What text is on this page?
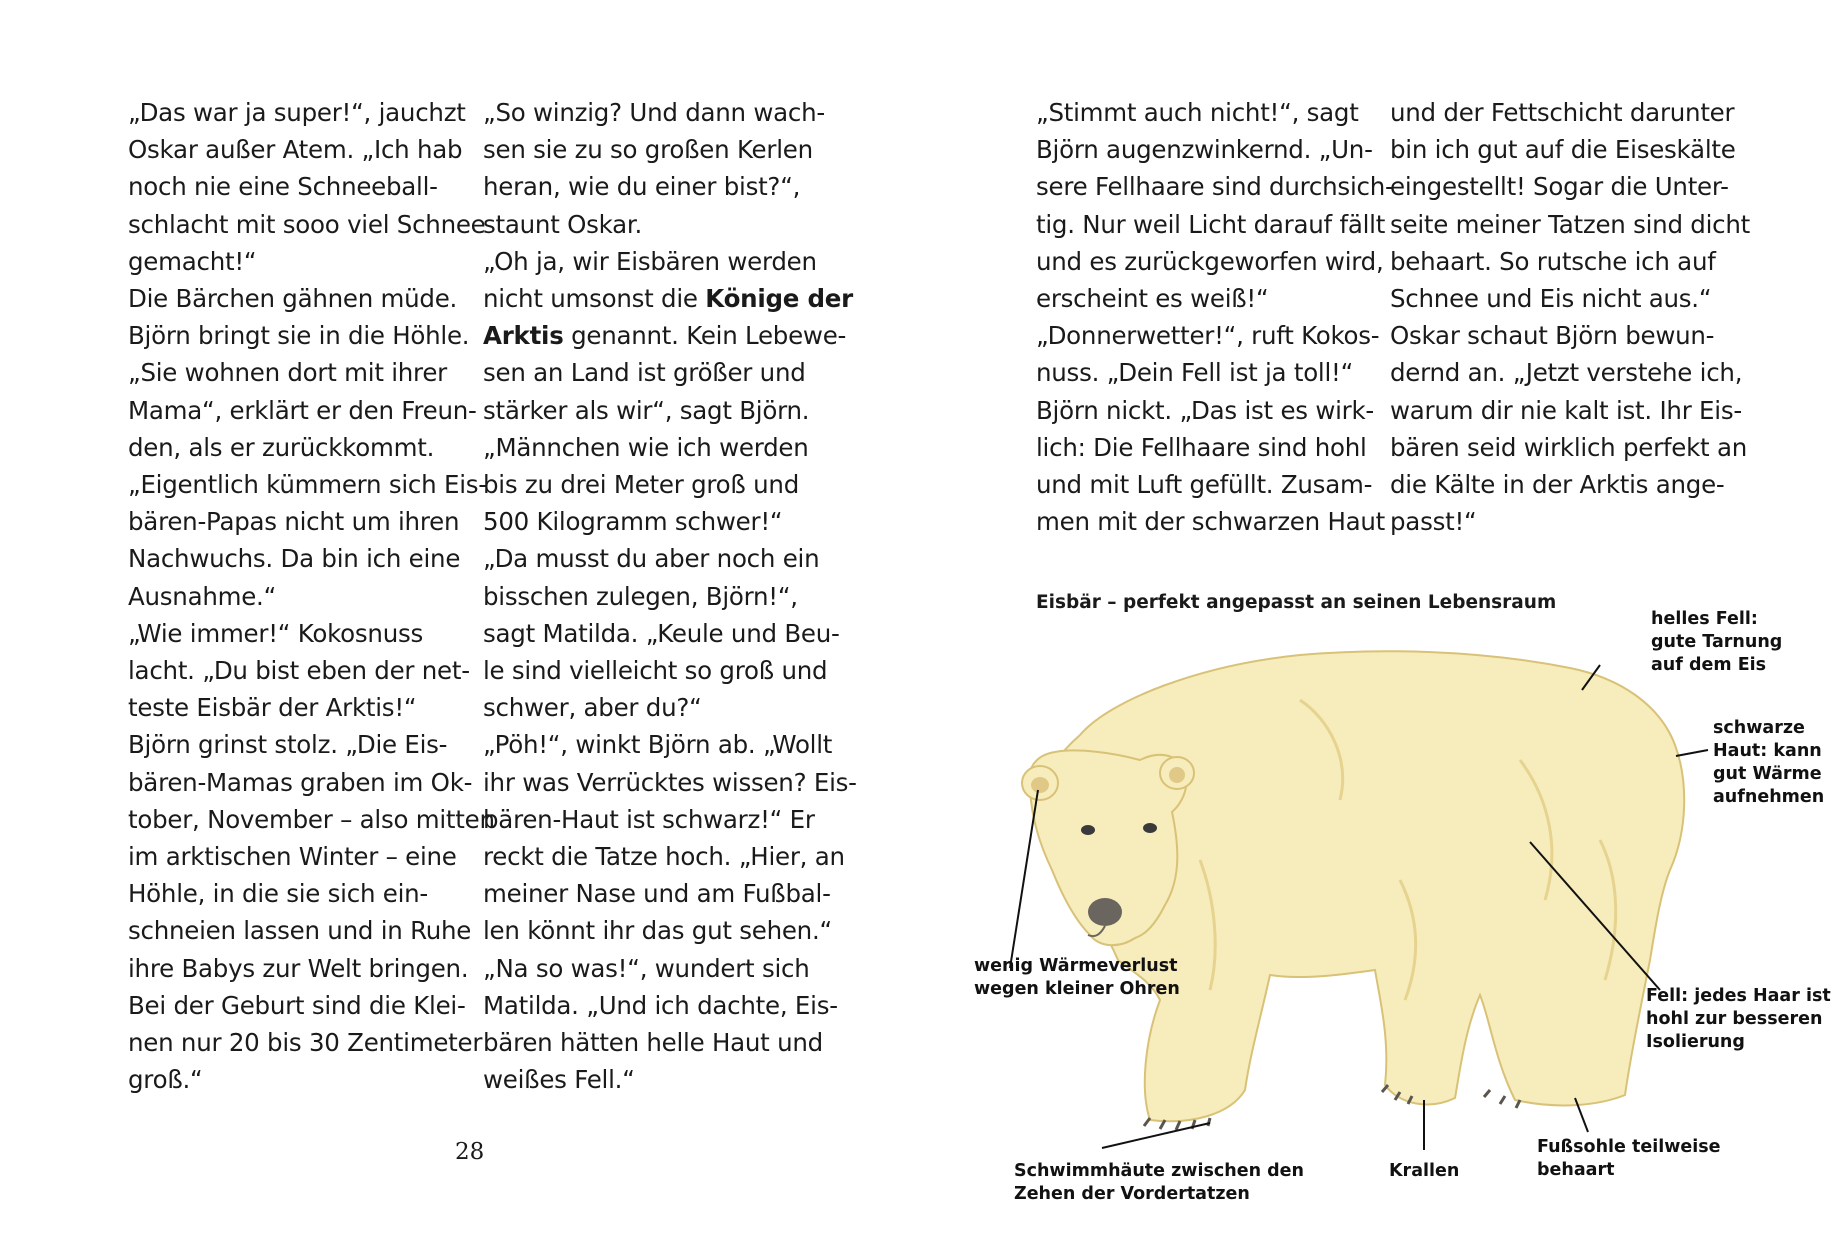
„Das war ja super!“, jauchzt
Oskar außer Atem. „Ich hab
noch nie eine Schneeball-
schlacht mit sooo viel Schnee
gemacht!“
Die Bärchen gähnen müde.
Björn bringt sie in die Höhle.
„Sie wohnen dort mit ihrer
Mama“, erklärt er den Freun-
den, als er zurückkommt.
„Eigentlich kümmern sich Eis-
bären-Papas nicht um ihren
Nachwuchs. Da bin ich eine
Ausnahme.“
„Wie immer!“ Kokosnuss
lacht. „Du bist eben der net-
teste Eisbär der Arktis!“
Björn grinst stolz. „Die Eis-
bären-Mamas graben im Ok-
tober, November – also mitten
im arktischen Winter – eine
Höhle, in die sie sich ein-
schneien lassen und in Ruhe
ihre Babys zur Welt bringen.
Bei der Geburt sind die Klei-
nen nur 20 bis 30 Zentimeter
groß.“
„So winzig? Und dann wach-
sen sie zu so großen Kerlen
heran, wie du einer bist?“,
staunt Oskar.
„Oh ja, wir Eisbären werden
nicht umsonst die Könige der
Arktis genannt. Kein Lebewe-
sen an Land ist größer und
stärker als wir“, sagt Björn.
„Männchen wie ich werden
bis zu drei Meter groß und
500 Kilogramm schwer!“
„Da musst du aber noch ein
bisschen zulegen, Björn!“,
sagt Matilda. „Keule und Beu-
le sind vielleicht so groß und
schwer, aber du?“
„Pöh!“, winkt Björn ab. „Wollt
ihr was Verrücktes wissen? Eis-
bären-Haut ist schwarz!“ Er
reckt die Tatze hoch. „Hier, an
meiner Nase und am Fußbal-
len könnt ihr das gut sehen.“
„Na so was!“, wundert sich
Matilda. „Und ich dachte, Eis-
bären hätten helle Haut und
weißes Fell.“
„Stimmt auch nicht!“, sagt
Björn augenzwinkernd. „Un-
sere Fellhaare sind durchsich-
tig. Nur weil Licht darauf fällt
und es zurückgeworfen wird,
erscheint es weiß!“
„Donnerwetter!“, ruft Kokos-
nuss. „Dein Fell ist ja toll!“
Björn nickt. „Das ist es wirk-
lich: Die Fellhaare sind hohl
und mit Luft gefüllt. Zusam-
men mit der schwarzen Haut
und der Fettschicht darunter
bin ich gut auf die Eiseskälte
eingestellt! Sogar die Unter-
seite meiner Tatzen sind dicht
behaart. So rutsche ich auf
Schnee und Eis nicht aus.“
Oskar schaut Björn bewun-
dernd an. „Jetzt verstehe ich,
warum dir nie kalt ist. Ihr Eis-
bären seid wirklich perfekt an
die Kälte in der Arktis ange-
passt!“
28
Eisbär – perfekt angepasst an seinen Lebensraum
helles Fell:
gute Tarnung
auf dem Eis
schwarze
Haut: kann
gut Wärme
aufnehmen
wenig Wärmeverlust
wegen kleiner Ohren	Fell: jedes Haar ist
hohl zur besseren
Isolierung
Schwimmhäute zwischen den
Zehen der Vordertatzen
Krallen
Fußsohle teilweise
behaart
